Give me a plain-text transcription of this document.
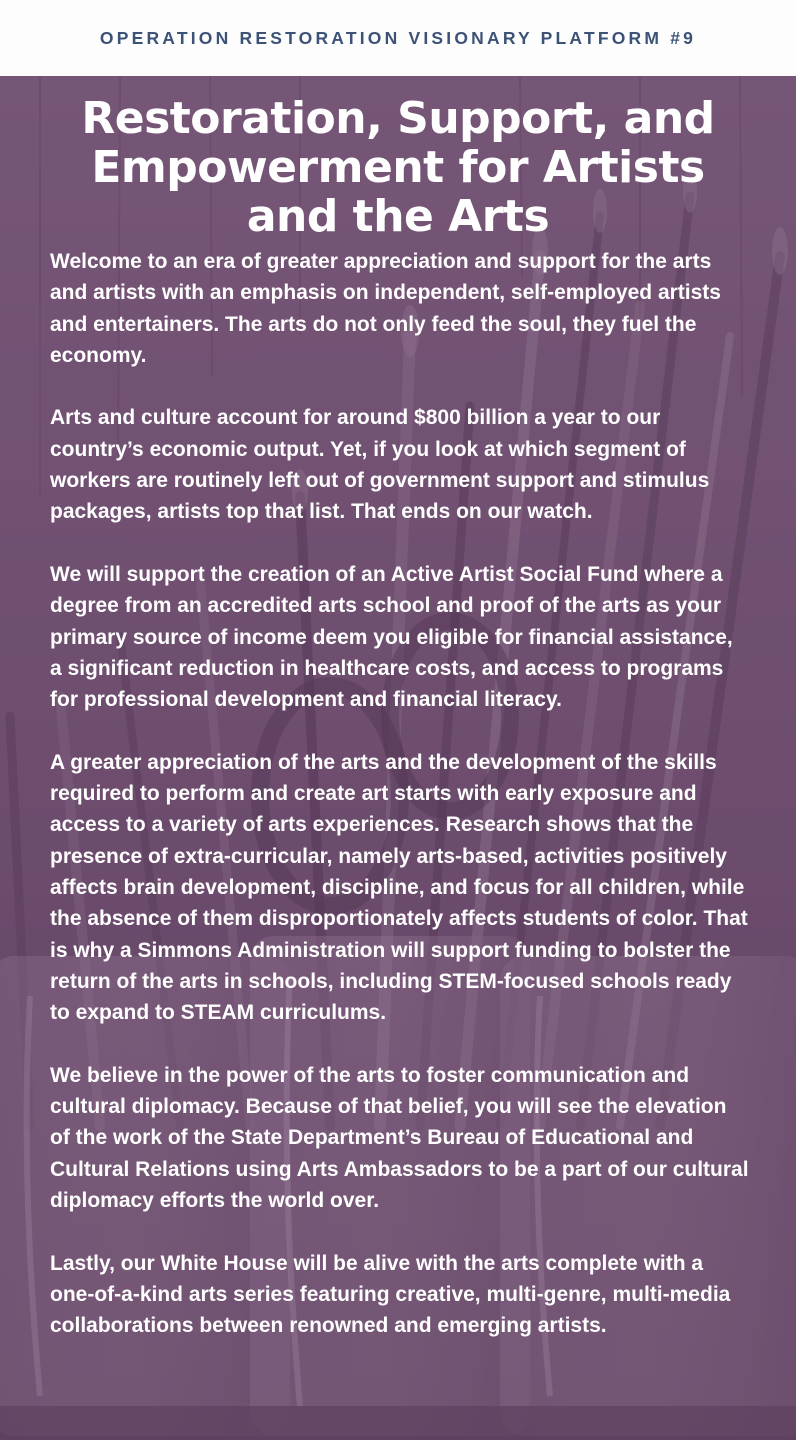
OPERATION RESTORATION VISIONARY PLATFORM #9
Restoration, Support, and Empowerment for Artists and the Arts

Welcome to an era of greater appreciation and support for the arts and artists with an emphasis on independent, self-employed artists and entertainers. The arts do not only feed the soul, they fuel the economy.

Arts and culture account for around $800 billion a year to our country’s economic output. Yet, if you look at which segment of workers are routinely left out of government support and stimulus packages, artists top that list. That ends on our watch.

We will support the creation of an Active Artist Social Fund where a degree from an accredited arts school and proof of the arts as your primary source of income deem you eligible for financial assistance, a significant reduction in healthcare costs, and access to programs for professional development and financial literacy.

A greater appreciation of the arts and the development of the skills required to perform and create art starts with early exposure and access to a variety of arts experiences. Research shows that the presence of extra-curricular, namely arts-based, activities positively affects brain development, discipline, and focus for all children, while the absence of them disproportionately affects students of color. That is why a Simmons Administration will support funding to bolster the return of the arts in schools, including STEM-focused schools ready to expand to STEAM curriculums.

We believe in the power of the arts to foster communication and cultural diplomacy. Because of that belief, you will see the elevation of the work of the State Department’s Bureau of Educational and Cultural Relations using Arts Ambassadors to be a part of our cultural diplomacy efforts the world over.

Lastly, our White House will be alive with the arts complete with a one-of-a-kind arts series featuring creative, multi-genre, multi-media collaborations between renowned and emerging artists.
